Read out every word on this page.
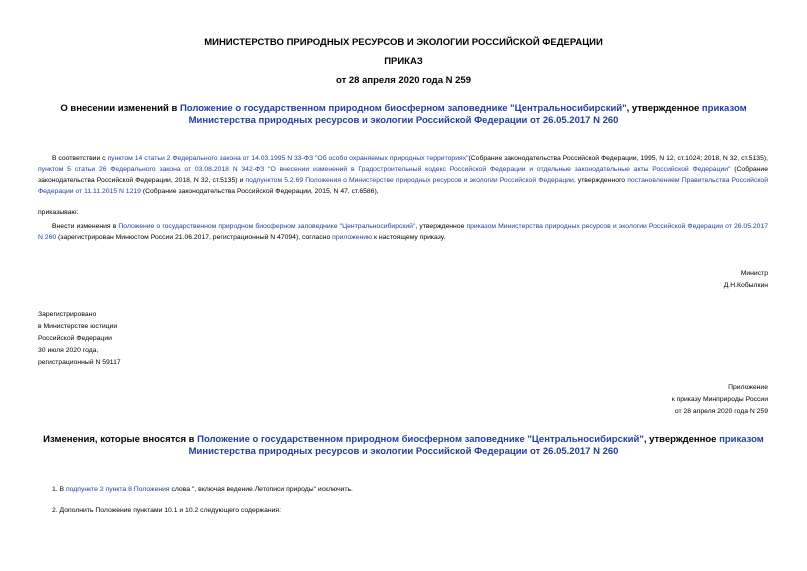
МИНИСТЕРСТВО ПРИРОДНЫХ РЕСУРСОВ И ЭКОЛОГИИ РОССИЙСКОЙ ФЕДЕРАЦИИ
ПРИКАЗ
от 28 апреля 2020 года N 259
О внесении изменений в Положение о государственном природном биосферном заповеднике "Центральносибирский", утвержденное приказом Министерства природных ресурсов и экологии Российской Федерации от 26.05.2017 N 260
В соответствии с пунктом 14 статьи 2 Федерального закона от 14.03.1995 N 33-ФЗ "Об особо охраняемых природных территориях"(Собрание законодательства Российской Федерации, 1995, N 12, ст.1024; 2018, N 32, ст.5135), пунктом 5 статьи 26 Федерального закона от 03.08.2018 N 342-ФЗ "О внесении изменений в Градостроительный кодекс Российской Федерации и отдельные законодательные акты Российской Федерации" (Собрание законодательства Российской Федерации, 2018, N 32, ст.5135) и подпунктом 5.2.69 Положения о Министерстве природных ресурсов и экологии Российской Федерации, утвержденного постановлением Правительства Российской Федерации от 11.11.2015 N 1219 (Собрание законодательства Российской Федерации, 2015, N 47, ст.6586),
приказываю:
Внести изменения в Положение о государственном природном биосферном заповеднике "Центральносибирский", утвержденное приказом Министерства природных ресурсов и экологии Российской Федерации от 26.05.2017 N 260 (зарегистрирован Минюстом России 21.06.2017, регистрационный N 47094), согласно приложению к настоящему приказу.
Министр
Д.Н.Кобылкин
Зарегистрировано
в Министерстве юстиции
Российской Федерации
30 июля 2020 года,
регистрационный N 59117
Приложение
к приказу Минприроды России
от 28 апреля 2020 года N 259
Изменения, которые вносятся в Положение о государственном природном биосферном заповеднике "Центральносибирский", утвержденное приказом Министерства природных ресурсов и экологии Российской Федерации от 26.05.2017 N 260
1. В подпункте 2 пункта 8 Положения слова ", включая ведение Летописи природы" исключить.
2. Дополнить Положение пунктами 10.1 и 10.2 следующего содержания:
